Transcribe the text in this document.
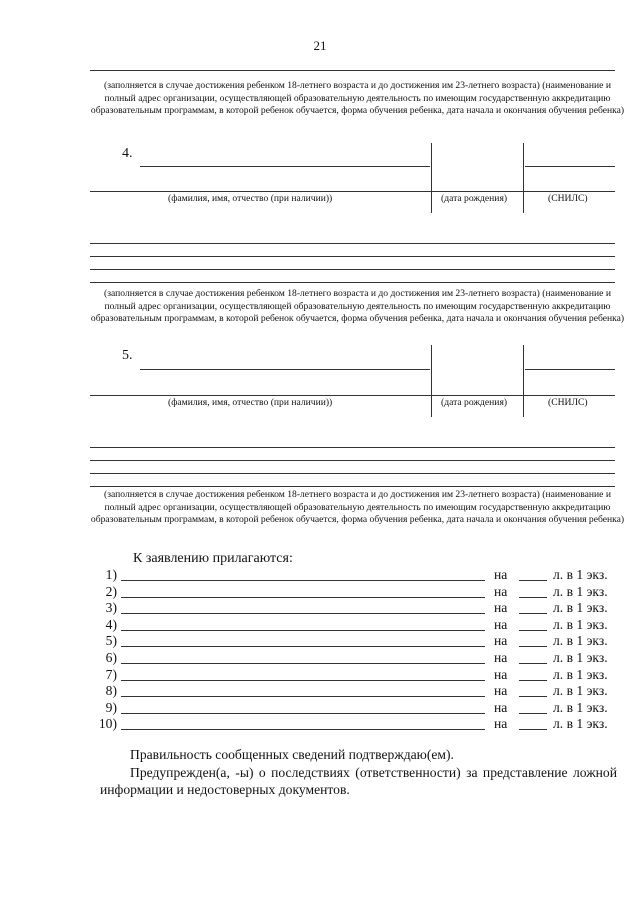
21
(заполняется в случае достижения ребенком 18-летнего возраста и до достижения им 23-летнего возраста) (наименование и полный адрес организации, осуществляющей образовательную деятельность по имеющим государственную аккредитацию образовательным программам, в которой ребенок обучается, форма обучения ребенка, дата начала и окончания обучения ребенка)
4.
(фамилия, имя, отчество (при наличии))	(дата рождения)	(СНИЛС)
(заполняется в случае достижения ребенком 18-летнего возраста и до достижения им 23-летнего возраста) (наименование и полный адрес организации, осуществляющей образовательную деятельность по имеющим государственную аккредитацию образовательным программам, в которой ребенок обучается, форма обучения ребенка, дата начала и окончания обучения ребенка)
5.
(фамилия, имя, отчество (при наличии))	(дата рождения)	(СНИЛС)
(заполняется в случае достижения ребенком 18-летнего возраста и до достижения им 23-летнего возраста) (наименование и полный адрес организации, осуществляющей образовательную деятельность по имеющим государственную аккредитацию образовательным программам, в которой ребенок обучается, форма обучения ребенка, дата начала и окончания обучения ребенка)
К заявлению прилагаются:
1)	на	л. в 1 экз.
2)	на	л. в 1 экз.
3)	на	л. в 1 экз.
4)	на	л. в 1 экз.
5)	на	л. в 1 экз.
6)	на	л. в 1 экз.
7)	на	л. в 1 экз.
8)	на	л. в 1 экз.
9)	на	л. в 1 экз.
10)	на	л. в 1 экз.

Правильность сообщенных сведений подтверждаю(ем).

Предупрежден(а, -ы) о последствиях (ответственности) за представление ложной информации и недостоверных документов.
